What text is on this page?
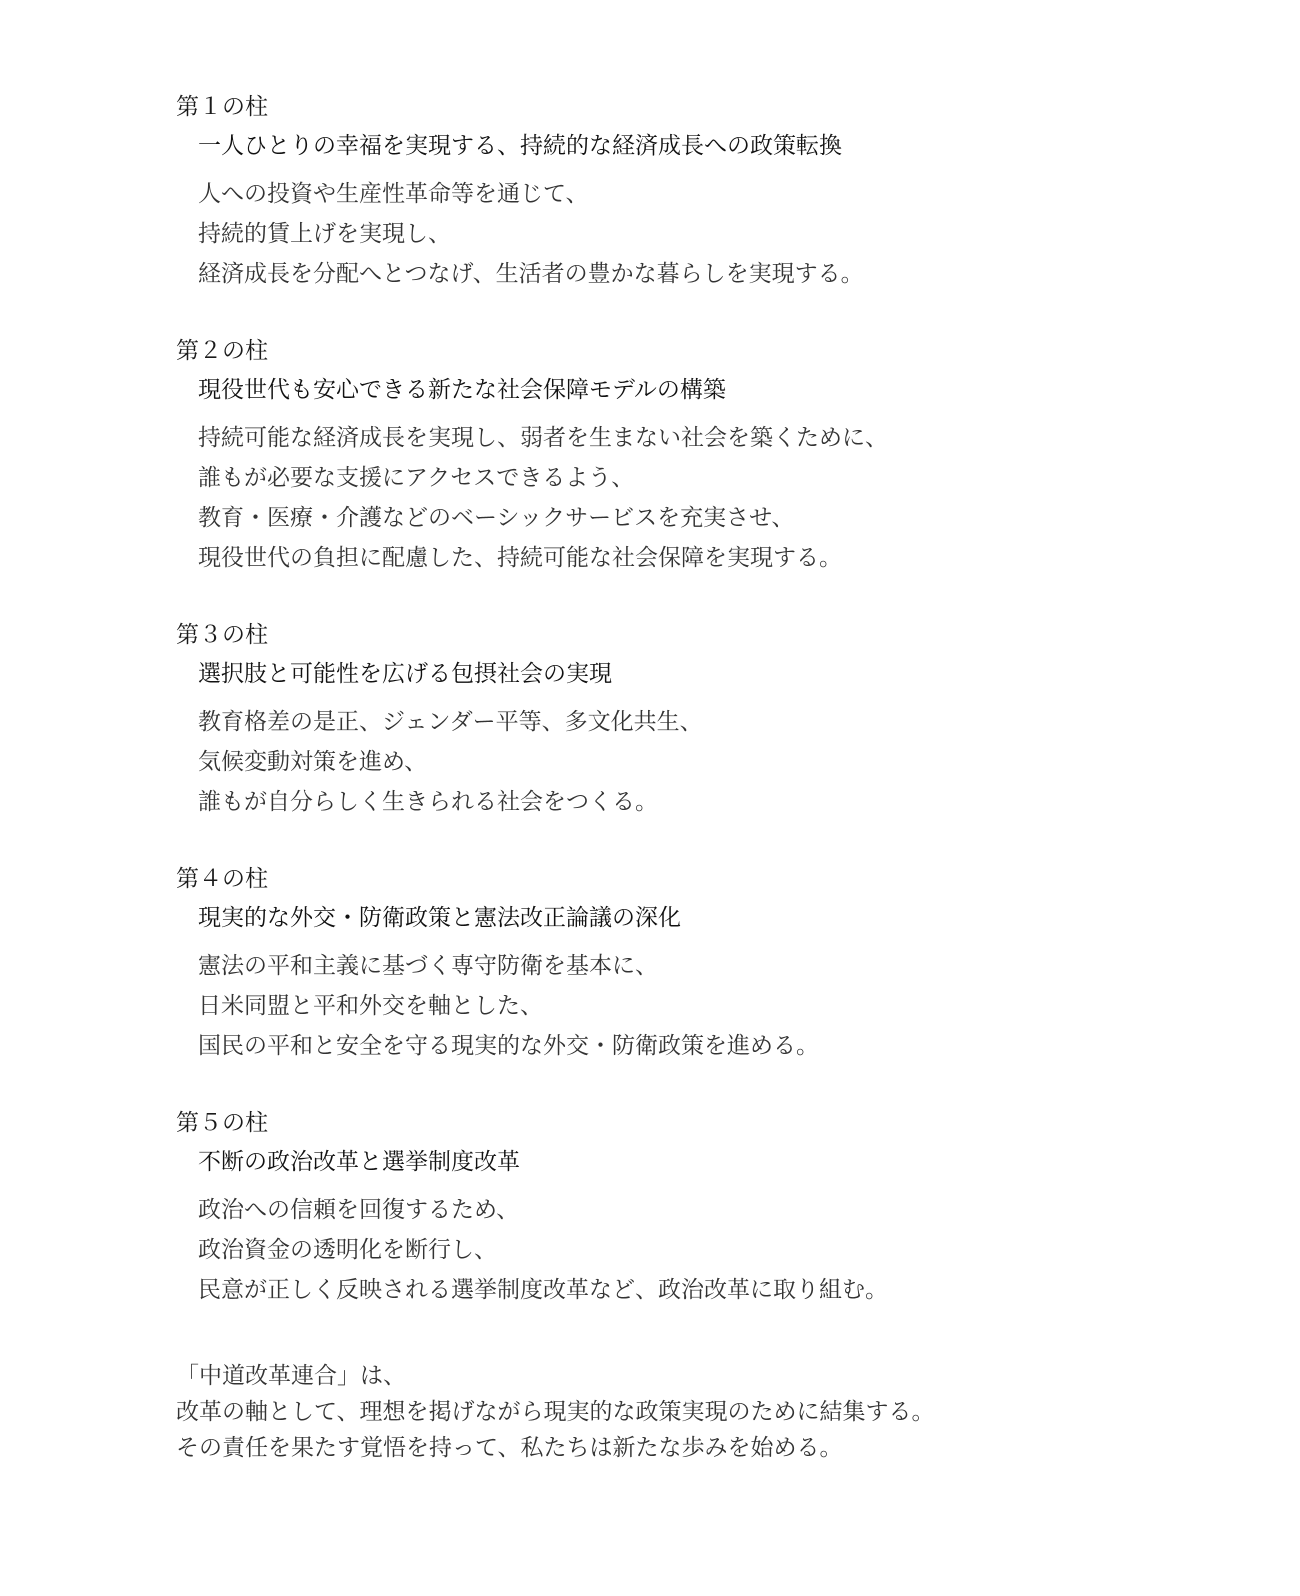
第１の柱
一人ひとりの幸福を実現する、持続的な経済成長への政策転換
人への投資や生産性革命等を通じて、
持続的賃上げを実現し、
経済成長を分配へとつなげ、生活者の豊かな暮らしを実現する。
第２の柱
現役世代も安心できる新たな社会保障モデルの構築
持続可能な経済成長を実現し、弱者を生まない社会を築くために、
誰もが必要な支援にアクセスできるよう、
教育・医療・介護などのベーシックサービスを充実させ、
現役世代の負担に配慮した、持続可能な社会保障を実現する。
第３の柱
選択肢と可能性を広げる包摂社会の実現
教育格差の是正、ジェンダー平等、多文化共生、
気候変動対策を進め、
誰もが自分らしく生きられる社会をつくる。
第４の柱
現実的な外交・防衛政策と憲法改正論議の深化
憲法の平和主義に基づく専守防衛を基本に、
日米同盟と平和外交を軸とした、
国民の平和と安全を守る現実的な外交・防衛政策を進める。
第５の柱
不断の政治改革と選挙制度改革
政治への信頼を回復するため、
政治資金の透明化を断行し、
民意が正しく反映される選挙制度改革など、政治改革に取り組む。
「中道改革連合」は、
改革の軸として、理想を掲げながら現実的な政策実現のために結集する。
その責任を果たす覚悟を持って、私たちは新たな歩みを始める。
